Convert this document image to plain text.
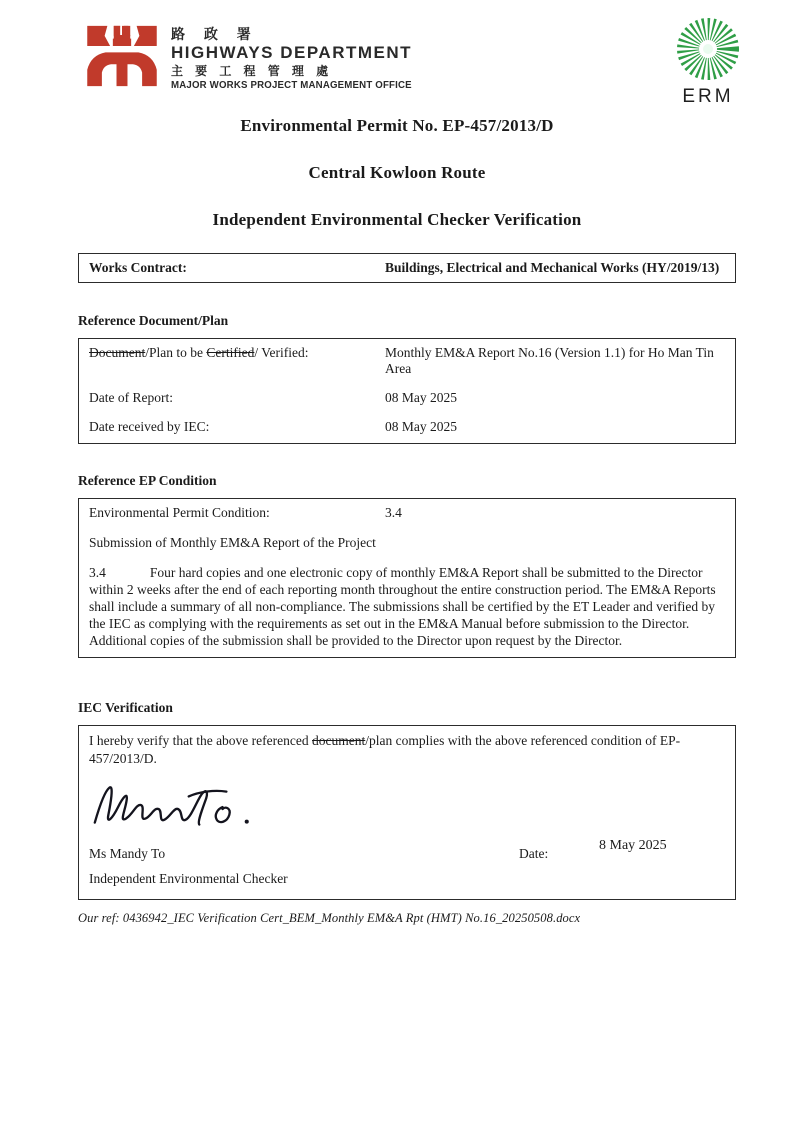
路 政 署
HIGHWAYS DEPARTMENT
主 要 工 程 管 理 處
MAJOR WORKS PROJECT MANAGEMENT OFFICE
ERM
Environmental Permit No. EP-457/2013/D
Central Kowloon Route
Independent Environmental Checker Verification
Works Contract:	Buildings, Electrical and Mechanical Works (HY/2019/13)
Reference Document/Plan
Document/Plan to be Certified/ Verified:	Monthly EM&A Report No.16 (Version 1.1) for Ho Man Tin Area
Date of Report:	08 May 2025
Date received by IEC:	08 May 2025
Reference EP Condition
Environmental Permit Condition:	3.4
Submission of Monthly EM&A Report of the Project
3.4	Four hard copies and one electronic copy of monthly EM&A Report shall be submitted to the Director within 2 weeks after the end of each reporting month throughout the entire construction period. The EM&A Reports shall include a summary of all non-compliance. The submissions shall be certified by the ET Leader and verified by the IEC as complying with the requirements as set out in the EM&A Manual before submission to the Director. Additional copies of the submission shall be provided to the Director upon request by the Director.
IEC Verification
I hereby verify that the above referenced document/plan complies with the above referenced condition of EP-457/2013/D.
Ms Mandy To	Date:
8 May 2025
Independent Environmental Checker
Our ref: 0436942_IEC Verification Cert_BEM_Monthly EM&A Rpt (HMT) No.16_20250508.docx
